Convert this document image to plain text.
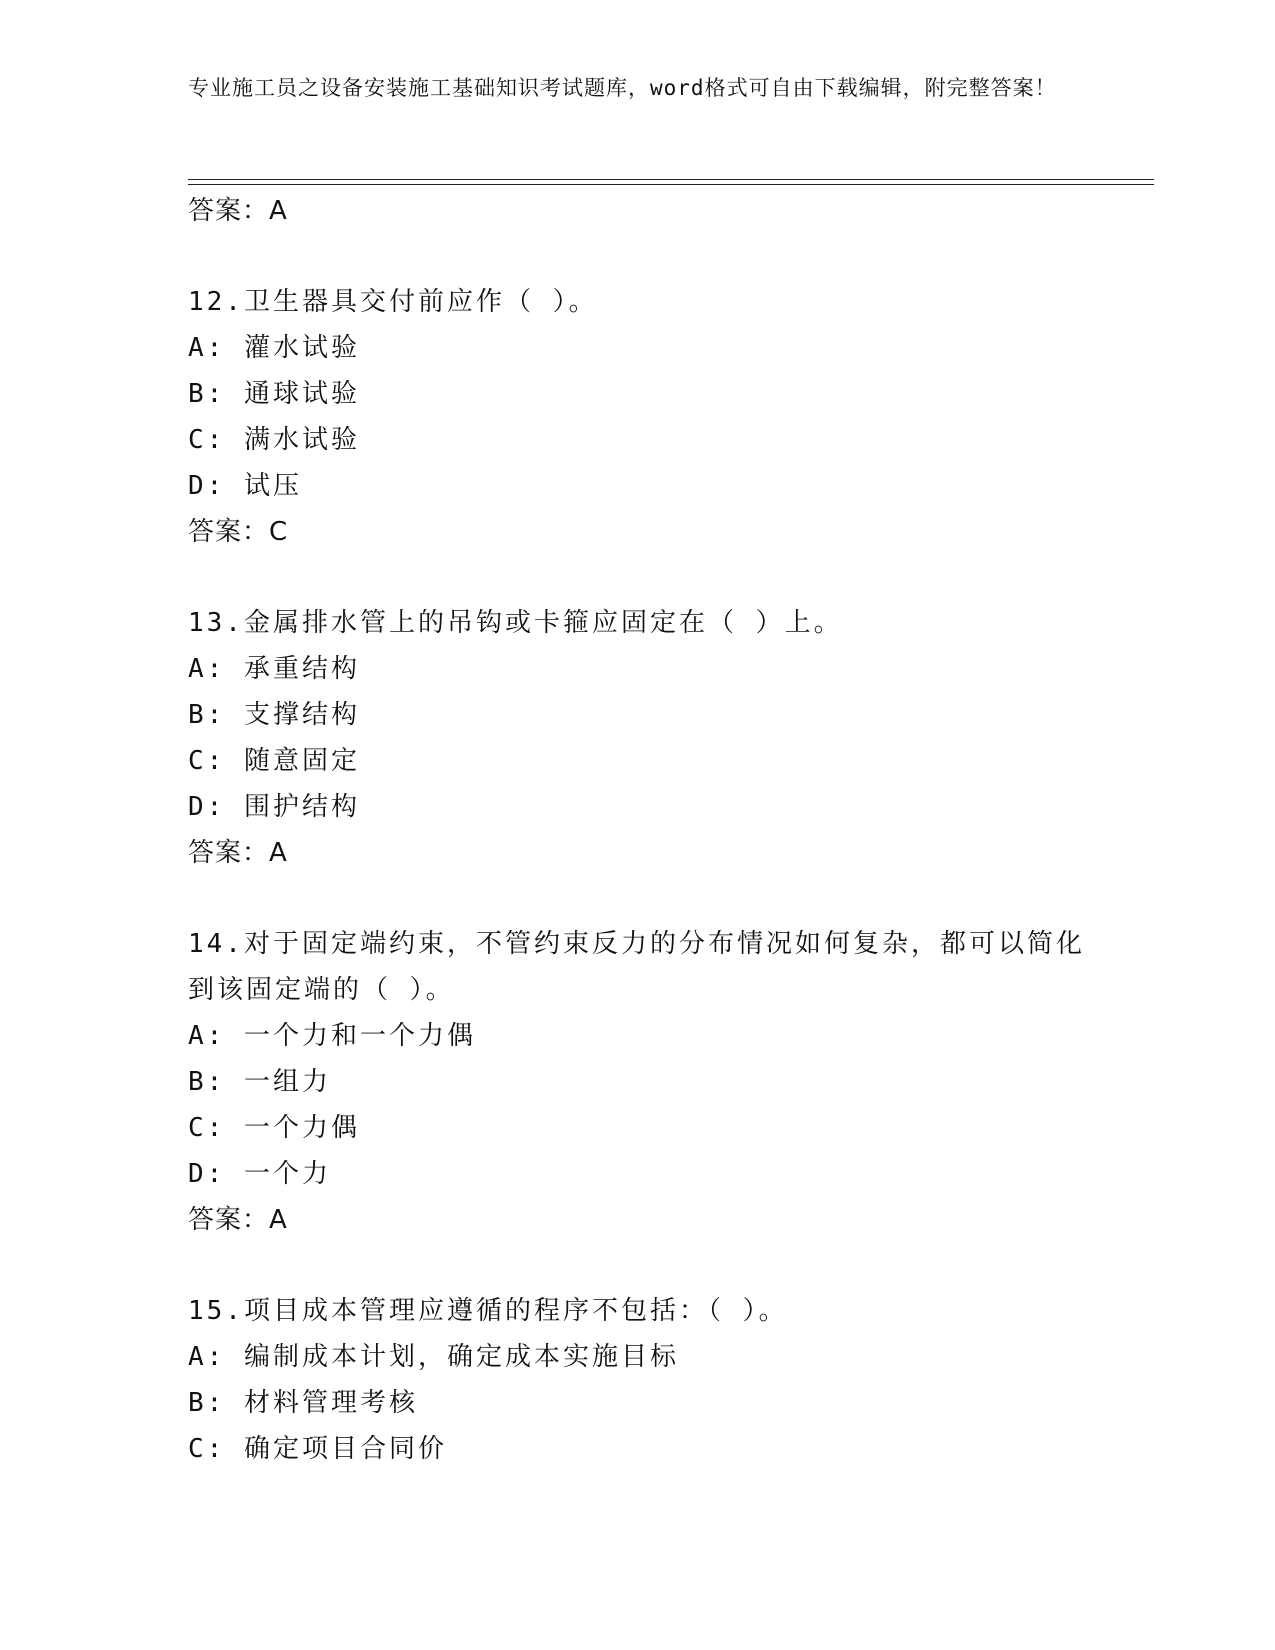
专业施工员之设备安装施工基础知识考试题库，word格式可自由下载编辑，附完整答案！
答案：A
12.卫生器具交付前应作（ ）。
A: 灌水试验
B: 通球试验
C: 满水试验
D: 试压
答案：C
13.金属排水管上的吊钩或卡箍应固定在（ ）上。
A: 承重结构
B: 支撑结构
C: 随意固定
D: 围护结构
答案：A
14.对于固定端约束，不管约束反力的分布情况如何复杂，都可以简化到该固定端的（ ）。
A: 一个力和一个力偶
B: 一组力
C: 一个力偶
D: 一个力
答案：A
15.项目成本管理应遵循的程序不包括：（ ）。
A: 编制成本计划，确定成本实施目标
B: 材料管理考核
C: 确定项目合同价
